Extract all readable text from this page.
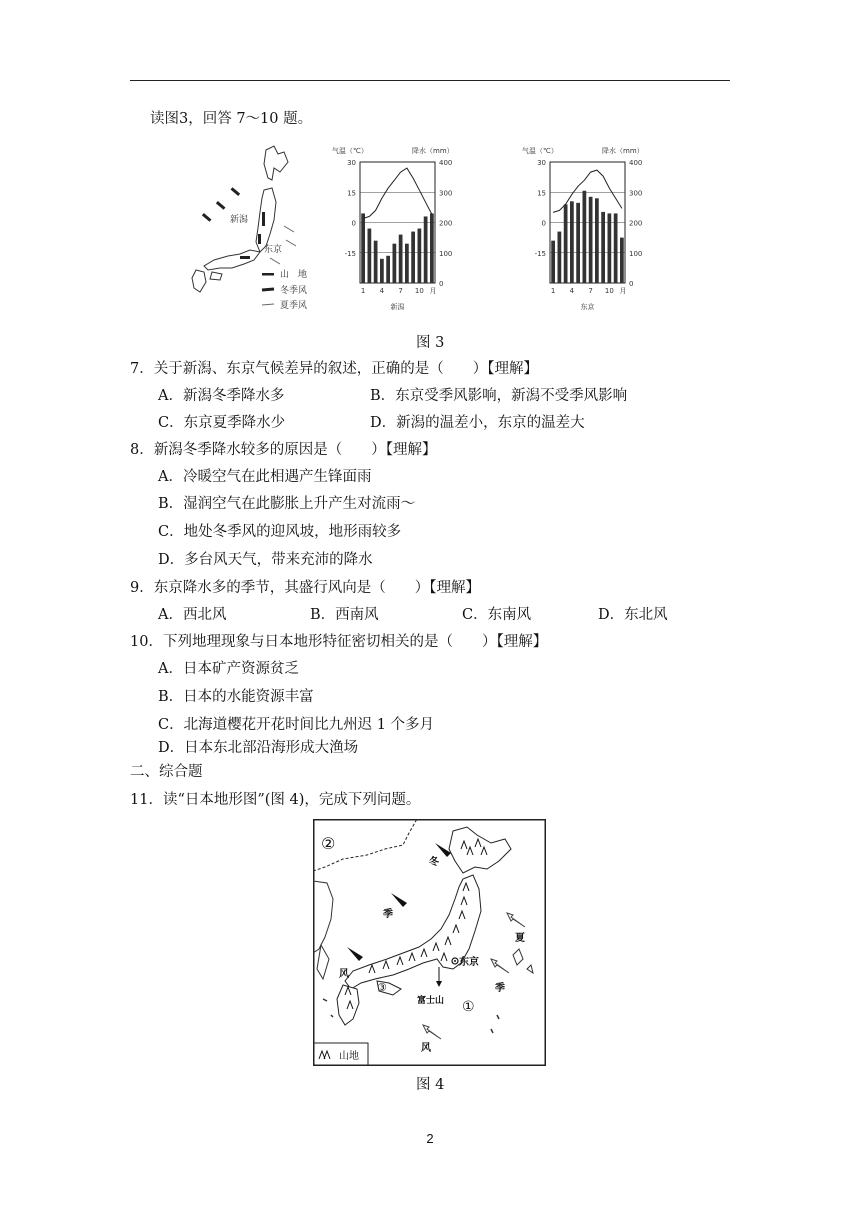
读图3，回答 7～10 题。
新潟
东京
山　地
冬季风
夏季风
30
15
0
-15
400
300
200
100
0
气温（℃）	降水（mm）
1 4 7 10 月
新潟
30
15
0
-15
400
300
200
100
0
气温（℃）	降水（mm）
1 4 7 10 月
东京
图 3
7．关于新潟、东京气候差异的叙述，正确的是（　　）【理解】
A．新潟冬季降水多	B．东京受季风影响，新潟不受季风影响
C．东京夏季降水少	D．新潟的温差小，东京的温差大
8．新潟冬季降水较多的原因是（　　）【理解】
A．冷暖空气在此相遇产生锋面雨
B．湿润空气在此膨胀上升产生对流雨～
C．地处冬季风的迎风坡，地形雨较多
D．多台风天气，带来充沛的降水
9．东京降水多的季节，其盛行风向是（　　）【理解】
A．西北风	B．西南风	C．东南风	D．东北风
10．下列地理现象与日本地形特征密切相关的是（　　）【理解】
A．日本矿产资源贫乏
B．日本的水能资源丰富
C．北海道樱花开花时间比九州迟 1 个多月
D．日本东北部沿海形成大渔场
二、综合题
11．读“日本地形图”(图 4)，完成下列问题。
②
①
③
冬
季
风
夏
季
风
东京
富士山
山地
图 4
2
